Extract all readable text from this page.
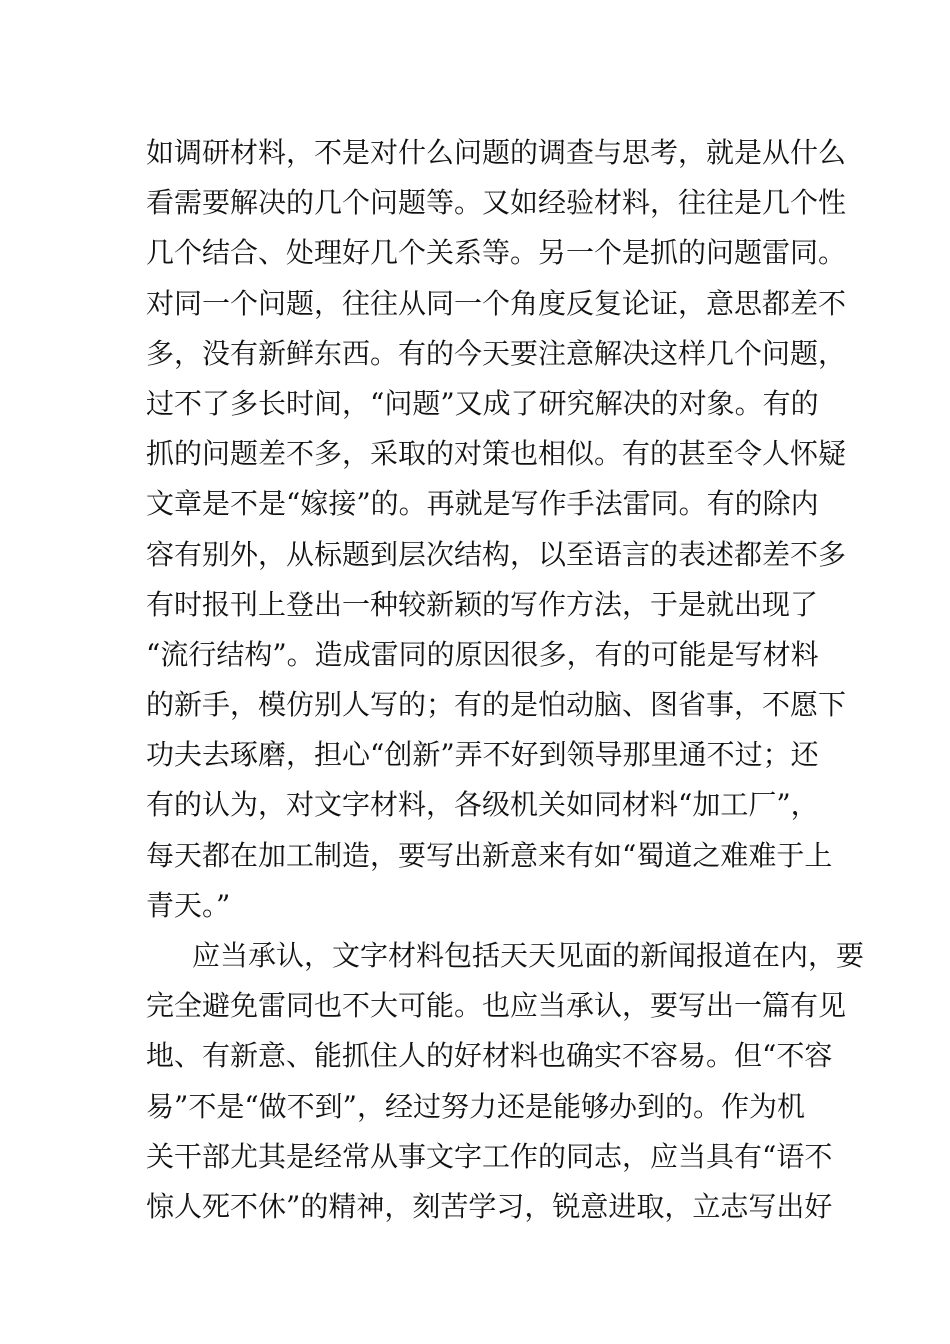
如调研材料，不是对什么问题的调查与思考，就是从什么
看需要解决的几个问题等。又如经验材料，往往是几个性
几个结合、处理好几个关系等。另一个是抓的问题雷同。
对同一个问题，往往从同一个角度反复论证，意思都差不
多，没有新鲜东西。有的今天要注意解决这样几个问题，
过不了多长时间，“问题”又成了研究解决的对象。有的
抓的问题差不多，采取的对策也相似。有的甚至令人怀疑
文章是不是“嫁接”的。再就是写作手法雷同。有的除内
容有别外，从标题到层次结构，以至语言的表述都差不多
有时报刊上登出一种较新颖的写作方法，于是就出现了
“流行结构”。造成雷同的原因很多，有的可能是写材料
的新手，模仿别人写的；有的是怕动脑、图省事，不愿下
功夫去琢磨，担心“创新”弄不好到领导那里通不过；还
有的认为，对文字材料，各级机关如同材料“加工厂”，
每天都在加工制造，要写出新意来有如“蜀道之难难于上
青天。”
应当承认，文字材料包括天天见面的新闻报道在内，要
完全避免雷同也不大可能。也应当承认，要写出一篇有见
地、有新意、能抓住人的好材料也确实不容易。但“不容
易”不是“做不到”，经过努力还是能够办到的。作为机
关干部尤其是经常从事文字工作的同志，应当具有“语不
惊人死不休”的精神，刻苦学习，锐意进取，立志写出好
